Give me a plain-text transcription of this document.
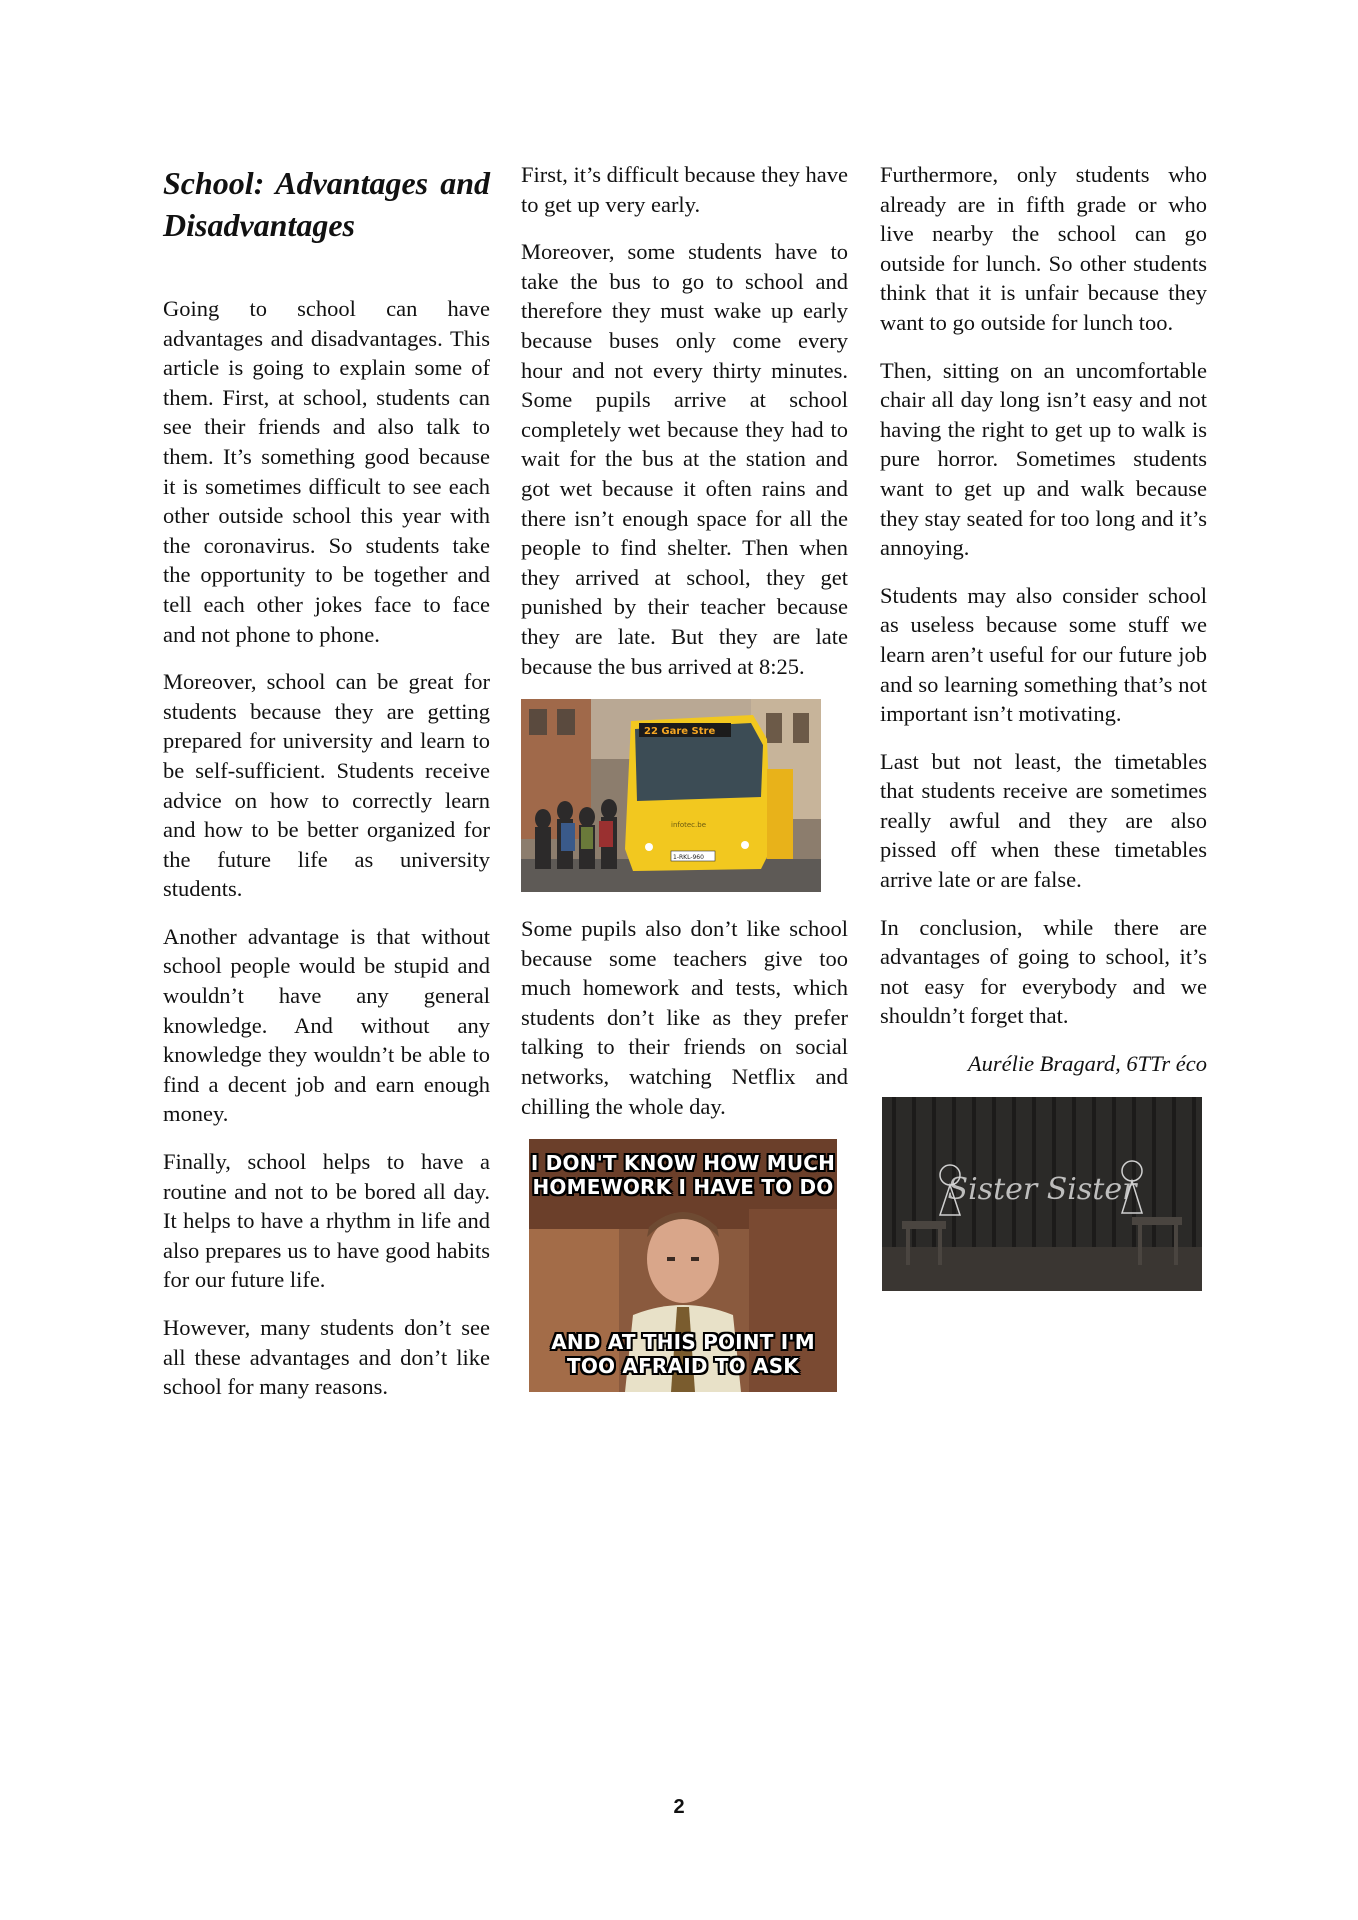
School: Advantages and Disadvantages

Going to school can have advantages and disadvantages. This article is going to explain some of them. First, at school, students can see their friends and also talk to them. It’s something good because it is sometimes difficult to see each other outside school this year with the coronavirus. So students take the opportunity to be together and tell each other jokes face to face and not phone to phone.

Moreover, school can be great for students because they are getting prepared for university and learn to be self-sufficient. Students receive advice on how to correctly learn and how to be better organized for the future life as university students.

Another advantage is that without school people would be stupid and wouldn’t have any general knowledge. And without any knowledge they wouldn’t be able to find a decent job and earn enough money.

Finally, school helps to have a routine and not to be bored all day. It helps to have a rhythm in life and also prepares us to have good habits for our future life.

However, many students don’t see all these advantages and don’t like school for many reasons.

First, it’s difficult because they have to get up very early.

Moreover, some students have to take the bus to go to school and therefore they must wake up early because buses only come every hour and not every thirty minutes. Some pupils arrive at school completely wet because they had to wait for the bus at the station and got wet because it often rains and there isn’t enough space for all the people to find shelter. Then when they arrived at school, they get punished by their teacher because they are late. But they are late because the bus arrived at 8:25.

22 Gare Stre
infotec.be
1-RKL-960

Some pupils also don’t like school because some teachers give too much homework and tests, which students don’t like as they prefer talking to their friends on social networks, watching Netflix and chilling the whole day.

I DON'T KNOW HOW MUCH HOMEWORK I HAVE TO DO
AND AT THIS POINT I'M TOO AFRAID TO ASK

Furthermore, only students who already are in fifth grade or who live nearby the school can go outside for lunch. So other students think that it is unfair because they want to go outside for lunch too.

Then, sitting on an uncomfortable chair all day long isn’t easy and not having the right to get up to walk is pure horror. Sometimes students want to get up and walk because they stay seated for too long and it’s annoying.

Students may also consider school as useless because some stuff we learn aren’t useful for our future job and so learning something that’s not important isn’t motivating.

Last but not least, the timetables that students receive are sometimes really awful and they are also pissed off when these timetables arrive late or are false.

In conclusion, while there are advantages of going to school, it’s not easy for everybody and we shouldn’t forget that.

Aurélie Bragard, 6TTr éco

Sister Sister
2
